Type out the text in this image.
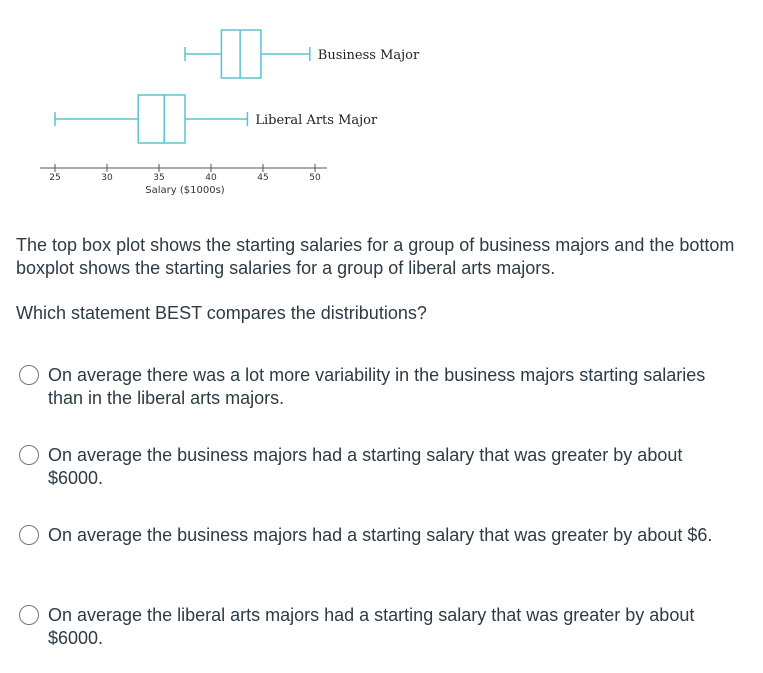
25	30	35	40	45	50
Salary ($1000s)
Business Major
Liberal Arts Major

The top box plot shows the starting salaries for a group of business majors and the bottom boxplot shows the starting salaries for a group of liberal arts majors.

Which statement BEST compares the distributions?

On average there was a lot more variability in the business majors starting salaries than in the liberal arts majors.
On average the business majors had a starting salary that was greater by about $6000.
On average the business majors had a starting salary that was greater by about $6.
On average the liberal arts majors had a starting salary that was greater by about $6000.
